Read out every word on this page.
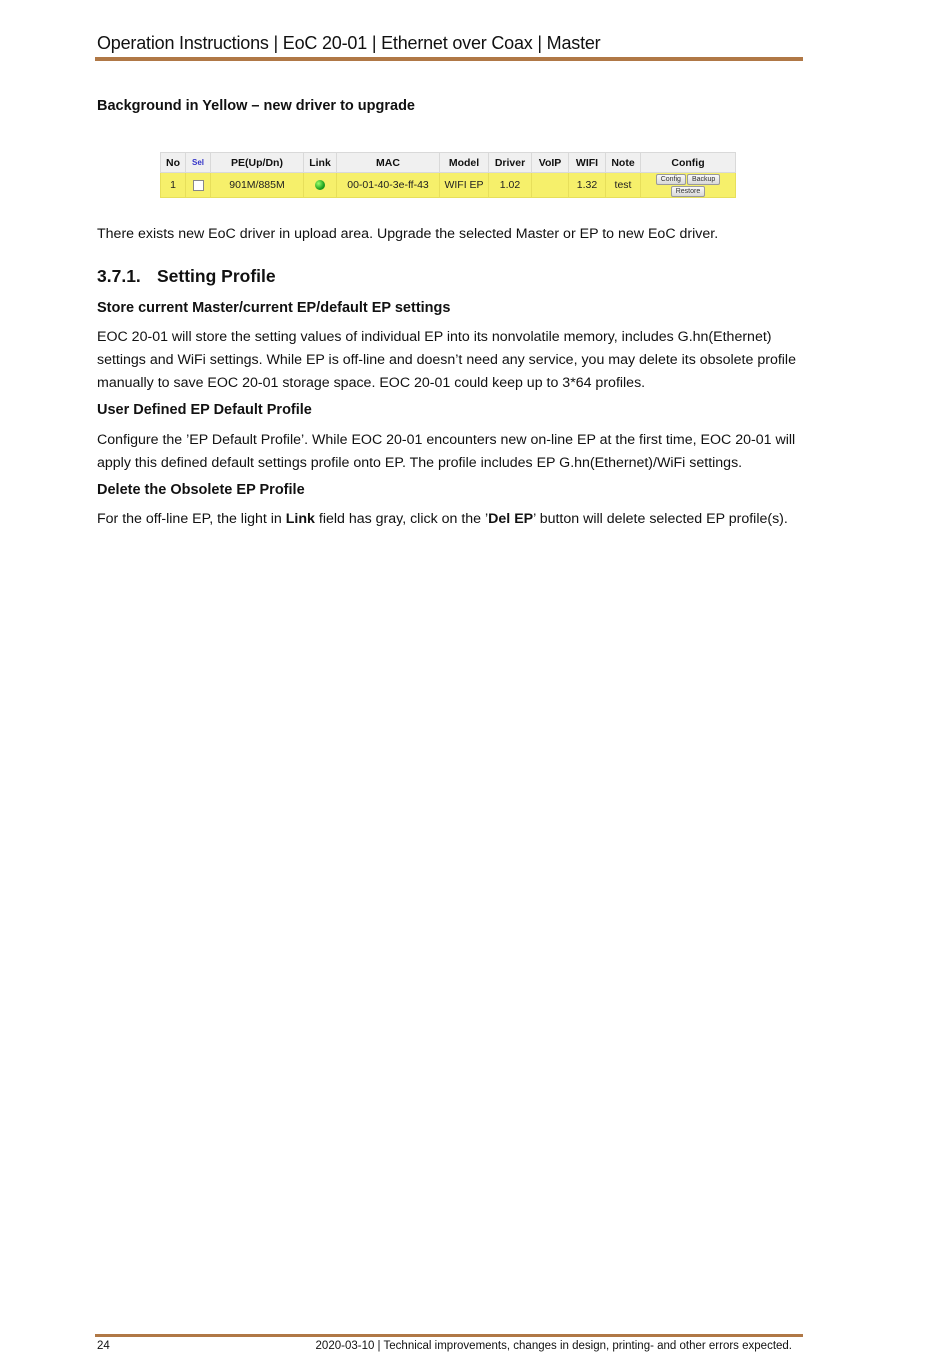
Operation Instructions | EoC 20-01 | Ethernet over Coax | Master
Background in Yellow – new driver to upgrade
No	Sel	PE(Up/Dn)	Link	MAC	Model	Driver	VoIP	WIFI	Note	Config
1		901M/885M		00-01-40-3e-ff-43	WIFI EP	1.02		1.32	test	Config BackupRestore
There exists new EoC driver in upload area. Upgrade the selected Master or EP to new EoC driver.
3.7.1. Setting Profile
Store current Master/current EP/default EP settings
EOC 20-01 will store the setting values of individual EP into its nonvolatile memory, includes G.hn(Ethernet)
settings and WiFi settings. While EP is off-line and doesn’t need any service, you may delete its obsolete profile
manually to save EOC 20-01 storage space. EOC 20-01 could keep up to 3*64 profiles.
User Defined EP Default Profile
Configure the ’EP Default Profile’. While EOC 20-01 encounters new on-line EP at the first time, EOC 20-01 will
apply this defined default settings profile onto EP. The profile includes EP G.hn(Ethernet)/WiFi settings.
Delete the Obsolete EP Profile
For the off-line EP, the light in Link field has gray, click on the ’Del EP’ button will delete selected EP profile(s).
24	2020-03-10 | Technical improvements, changes in design, printing- and other errors expected.
